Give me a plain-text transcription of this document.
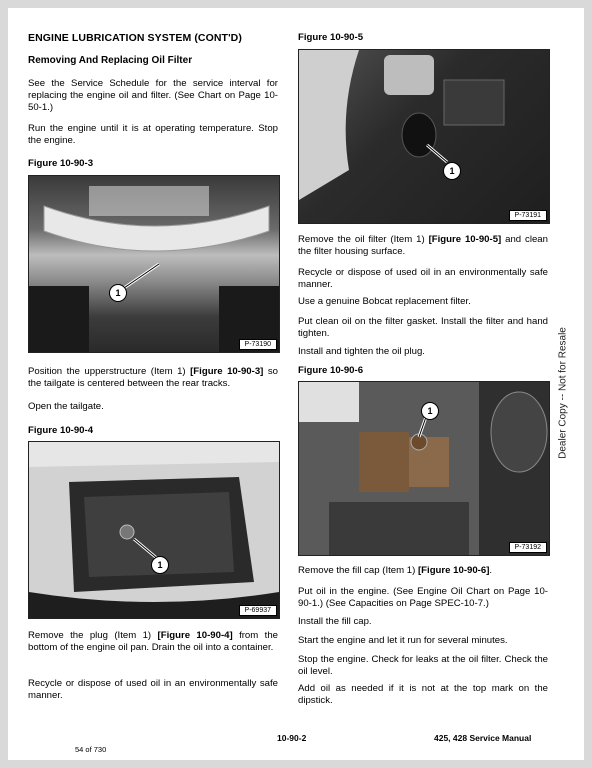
ENGINE LUBRICATION SYSTEM (CONT'D)
Removing And Replacing Oil Filter

See the Service Schedule for the service interval for replacing the engine oil and filter. (See Chart on Page 10-50-1.)

Run the engine until it is at operating temperature. Stop the engine.

Figure 10-90-3
1
P-73190

Position the upperstructure (Item 1) [Figure 10-90-3] so the tailgate is centered between the rear tracks.

Open the tailgate.

Figure 10-90-4
1
P-69937

Remove the plug (Item 1) [Figure 10-90-4] from the bottom of the engine oil pan. Drain the oil into a container.

Recycle or dispose of used oil in an environmentally safe manner.

Figure 10-90-5
1
P-73191

Remove the oil filter (Item 1) [Figure 10-90-5] and clean the filter housing surface.

Recycle or dispose of used oil in an environmentally safe manner.

Use a genuine Bobcat replacement filter.

Put clean oil on the filter gasket. Install the filter and hand tighten.

Install and tighten the oil plug.

Figure 10-90-6
1
P-73192

Remove the fill cap (Item 1) [Figure 10-90-6].

Put oil in the engine. (See Engine Oil Chart on Page 10-90-1.) (See Capacities on Page SPEC-10-7.)

Install the fill cap.

Start the engine and let it run for several minutes.

Stop the engine. Check for leaks at the oil filter. Check the oil level.

Add oil as needed if it is not at the top mark on the dipstick.

10-90-2	425, 428 Service Manual
54 of 730
Dealer Copy -- Not for Resale
